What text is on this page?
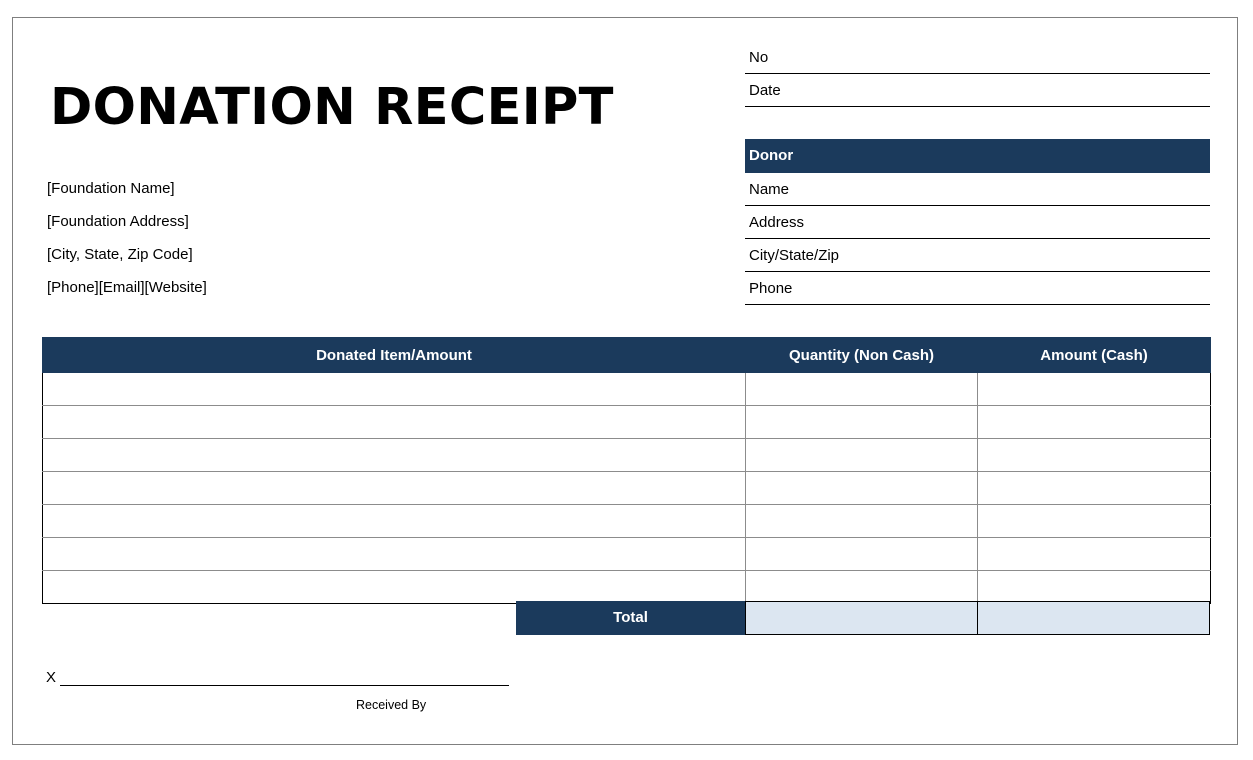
DONATION RECEIPT
[Foundation Name]
[Foundation Address]
[City, State, Zip Code]
[Phone][Email][Website]
No
Date
Donor
Name
Address
City/State/Zip
Phone
Donated Item/Amount	Quantity (Non Cash)	Amount (Cash)

Total
X
Received By
